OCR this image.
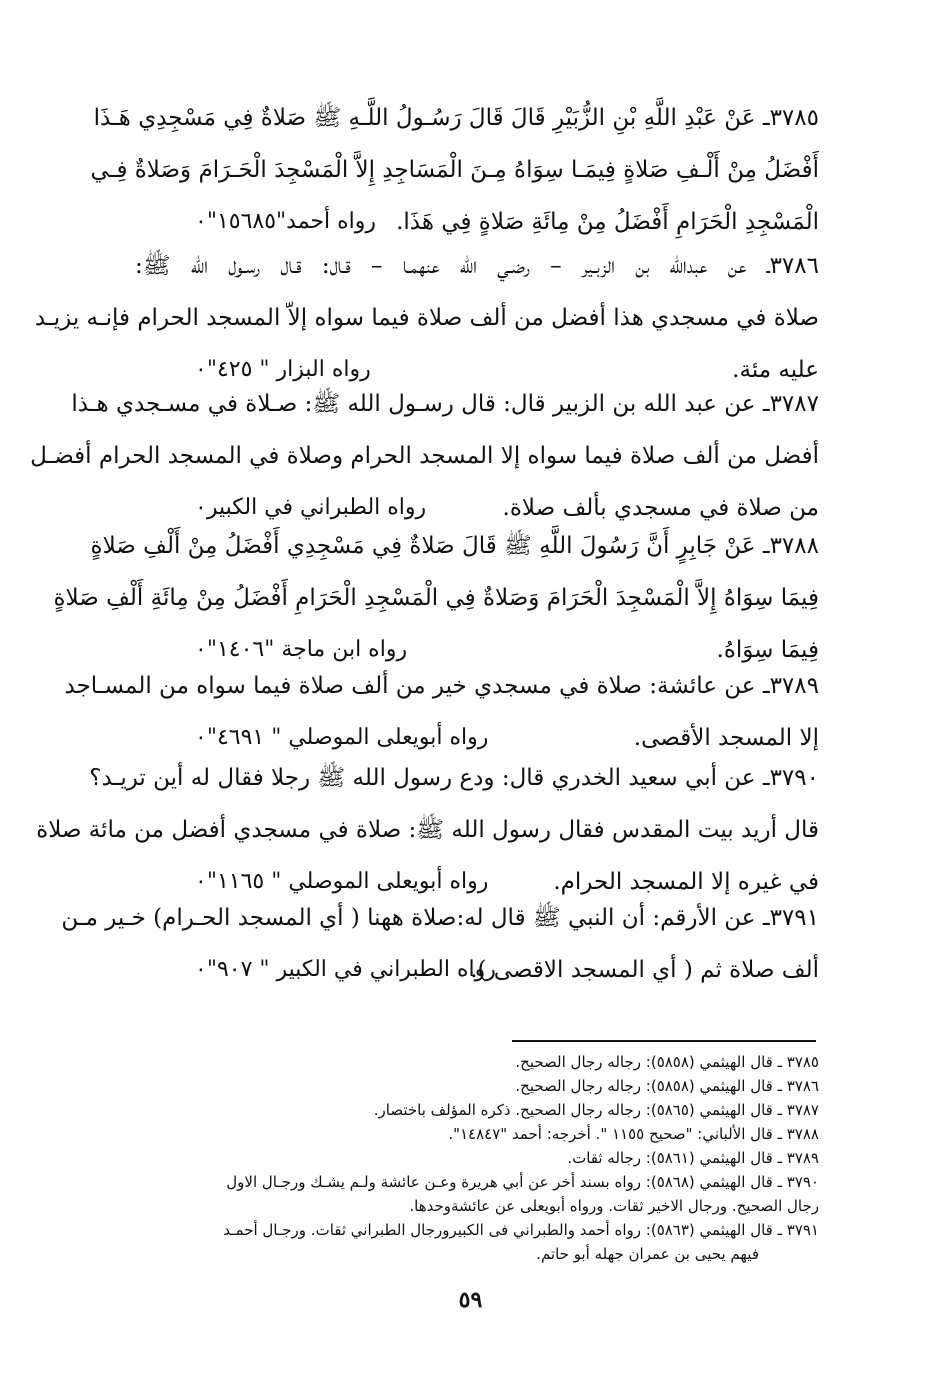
٣٧٨٥ـ عَنْ عَبْدِ اللَّهِ بْنِ الزُّبَيْرِ قَالَ قَالَ رَسُـولُ اللَّـهِ ﷺ صَلاةٌ فِي مَسْجِدِي هَـذَا
أَفْضَلُ مِنْ أَلْـفِ صَلاةٍ فِيمَـا سِوَاهُ مِـنَ الْمَسَاجِدِ إِلاَّ الْمَسْجِدَ الْحَـرَامَ وَصَلاةٌ فِـي
الْمَسْجِدِ الْحَرَامِ أَفْضَلُ مِنْ مِائَةِ صَلاةٍ فِي هَذَا.
رواه أحمد"١٥٦٨٥"٠
٣٧٨٦ـ عن عبدالله بن الزبـير – رضـي الله عنهمـا – قـال: قـال رسـول الله ﷺ:
صلاة في مسجدي هذا أفضل من ألف صلاة فيما سواه إلاّ المسجد الحرام فإنـه يزيـد
عليه مئة.
رواه البزار " ٤٢٥"٠
٣٧٨٧ـ عن عبد الله بن الزبير قال: قال رسـول الله ﷺ: صـلاة في مسـجدي هـذا
أفضل من ألف صلاة فيما سواه إلا المسجد الحرام وصلاة في المسجد الحرام أفضـل
من صلاة في مسجدي بألف صلاة.
رواه الطبراني في الكبير٠
٣٧٨٨ـ عَنْ جَابِرٍ أَنَّ رَسُولَ اللَّهِ ﷺ قَالَ صَلاةٌ فِي مَسْجِدِي أَفْضَلُ مِنْ أَلْفِ صَلاةٍ
فِيمَا سِوَاهُ إِلاَّ الْمَسْجِدَ الْحَرَامَ وَصَلاةٌ فِي الْمَسْجِدِ الْحَرَامِ أَفْضَلُ مِنْ مِائَةِ أَلْفِ صَلاةٍ
فِيمَا سِوَاهُ.
رواه ابن ماجة "١٤٠٦"٠
٣٧٨٩ـ عن عائشة: صلاة في مسجدي خير من ألف صلاة فيما سواه من المسـاجد
إلا المسجد الأقصى.
رواه أبويعلى الموصلي " ٤٦٩١"٠
٣٧٩٠ـ عن أبي سعيد الخدري قال: ودع رسول الله ﷺ رجلا فقال له أين تريـد؟
قال أريد بيت المقدس فقال رسول الله ﷺ: صلاة في مسجدي أفضل من مائة صلاة
في غيره إلا المسجد الحرام.
رواه أبويعلى الموصلي " ١١٦٥"٠
٣٧٩١ـ عن الأرقم: أن النبي ﷺ قال له:صلاة ههنا ( أي المسجد الحـرام) خـير مـن
ألف صلاة ثم ( أي المسجد الاقصى ).
رواه الطبراني في الكبير " ٩٠٧"٠
٣٧٨٥ ـ قال الهيثمي (٥٨٥٨): رجاله رجال الصحيح.
٣٧٨٦ ـ قال الهيثمي (٥٨٥٨): رجاله رجال الصحيح.
٣٧٨٧ ـ قال الهيثمي (٥٨٦٥): رجاله رجال الصحيح. ذكره المؤلف باختصار.
٣٧٨٨ ـ قال الألباني: "صحيح ١١٥٥ ". أخرجه: أحمد "١٤٨٤٧".
٣٧٨٩ ـ قال الهيثمي (٥٨٦١): رجاله ثقات.
٣٧٩٠ ـ قال الهيثمي (٥٨٦٨): رواه بسند أخر عن أبي هريرة وعـن عائشة ولـم يشـك ورجـال الاول
رجال الصحيح. ورجال الاخير ثقات. ورواه أبويعلى عن عائشةوحدها.
٣٧٩١ ـ قال الهيثمي (٥٨٦٣): رواه أحمد والطبراني فى الكبيرورجال الطبراني ثقات. ورجـال أحمـد
فيهم يحيى بن عمران جهله أبو حاتم.
٥٩
